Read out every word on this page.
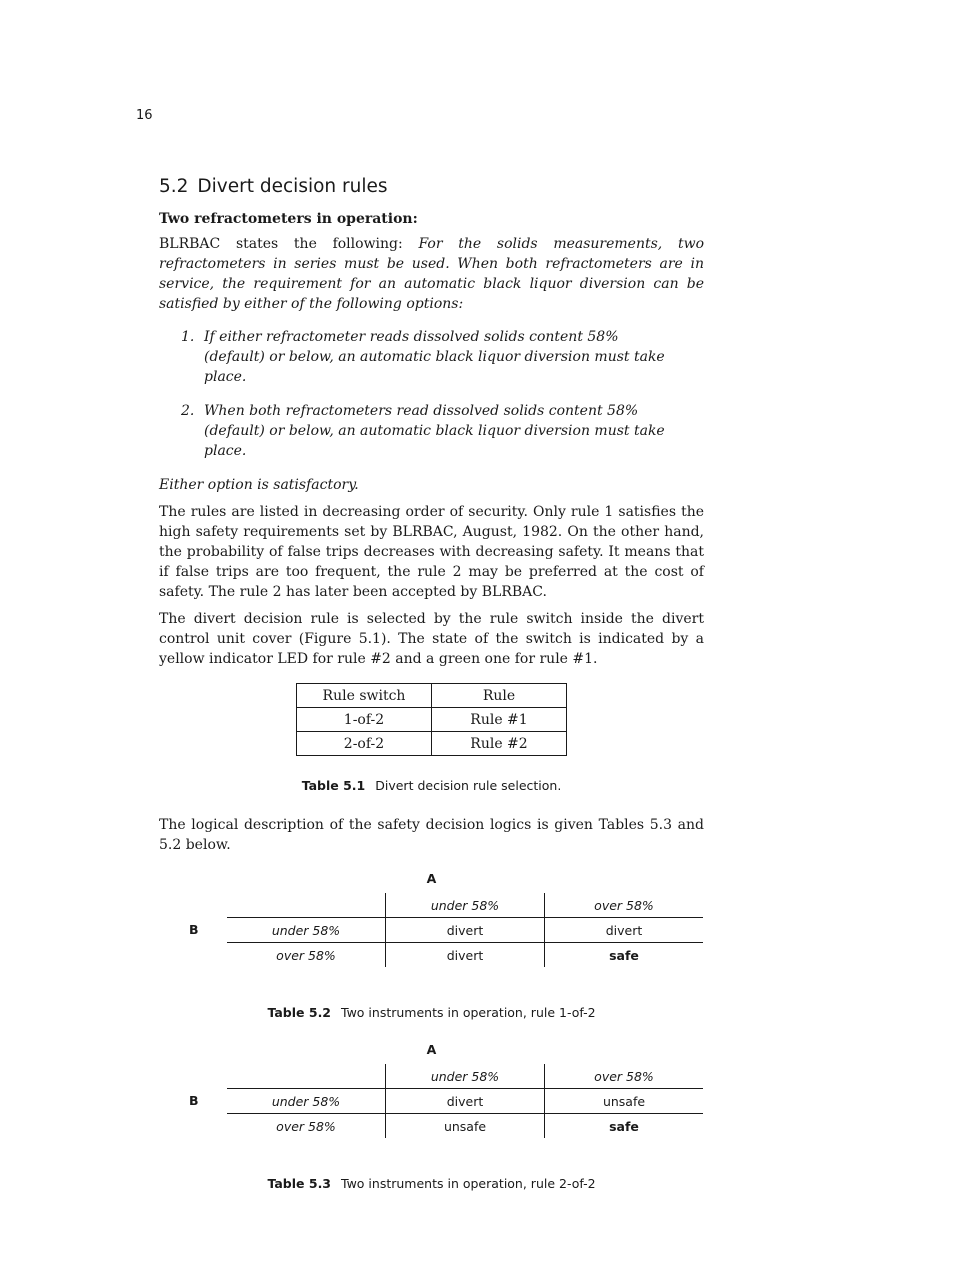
16
5.2 Divert decision rules
Two refractometers in operation:

BLRBAC states the following: For the solids measurements, two refractometers in series must be used. When both refractometers are in service, the requirement for an automatic black liquor diversion can be satisfied by either of the following options:

1. If either refractometer reads dissolved solids content 58% (default) or below, an automatic black liquor diversion must take place.
2. When both refractometers read dissolved solids content 58% (default) or below, an automatic black liquor diversion must take place.

Either option is satisfactory.

The rules are listed in decreasing order of security. Only rule 1 satisfies the high safety requirements set by BLRBAC, August, 1982. On the other hand, the probability of false trips decreases with decreasing safety. It means that if false trips are too frequent, the rule 2 may be preferred at the cost of safety. The rule 2 has later been accepted by BLRBAC.

The divert decision rule is selected by the rule switch inside the divert control unit cover (Figure 5.1). The state of the switch is indicated by a yellow indicator LED for rule #2 and a green one for rule #1.

Rule switch	Rule
1-of-2	Rule #1
2-of-2	Rule #2
Table 5.1 Divert decision rule selection.

The logical description of the safety decision logics is given Tables 5.3 and 5.2 below.

A
B
	under 58%	over 58%
under 58%	divert	divert
over 58%	divert	safe
Table 5.2 Two instruments in operation, rule 1-of-2
A
B
	under 58%	over 58%
under 58%	divert	unsafe
over 58%	unsafe	safe
Table 5.3 Two instruments in operation, rule 2-of-2
